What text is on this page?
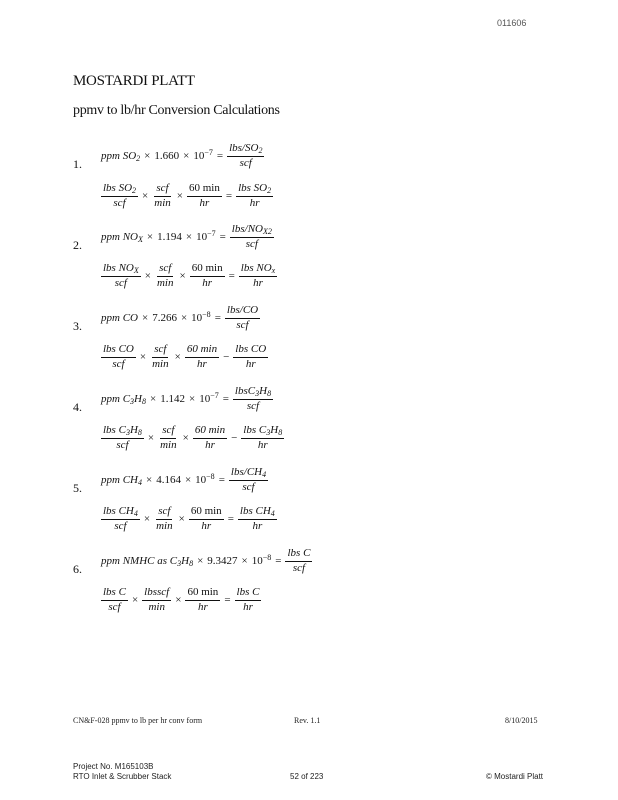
011606
MOSTARDI PLATT
ppmv to lb/hr Conversion Calculations
1.
ppm $SO_2 \times 1.660 \times 10^{-7} = \frac{lbs/SO_2}{\text{scf}}$
$\frac{lbs SO_2}{\text{scf}} \times \frac{\text{scf}}{\min} \times \frac{60 \min}{hr} = \frac{lbs SO_2}{hr}$
2.
ppm $NO_X \times 1.194 \times 10^{-7} = \frac{lbs/NO_{X2}}{\text{scf}}$
$\frac{lbs NO_X}{\text{scf}} \times \frac{\text{scf}}{\min} \times \frac{60 \min}{hr} = \frac{lbs NO_x}{hr}$
3.
ppm CO × $7.266 \times 10^{-8} = \frac{\text{lbs/CO}}{\text{scf}}$
$\frac{\text{lbs CO}}{\text{scf}} \times \frac{\text{scf}}{\min} \times \frac{60 \min}{hr} - \frac{\text{lbs CO}}{hr}$
4.
ppm $C_3H_8 \times 1.142 \times 10^{-7} = \frac{lbsC_3H_8}{\text{scf}}$
$\frac{lbs C_3H_8}{\text{scf}} \times \frac{\text{scf}}{\min} \times \frac{60 \min}{hr} - \frac{lbs C_3H_8}{hr}$
5.
ppm $CH_4 \times 4.164 \times 10^{-8} = \frac{lbs/CH_4}{\text{scf}}$
$\frac{lbs CH_4}{\text{scf}} \times \frac{\text{scf}}{\min} \times \frac{60 \min}{hr} = \frac{lbs CH_4}{hr}$
6.
ppm NMHC as $C_3H_8 \times 9.3427 \times 10^{-8} = \frac{\text{lbs C}}{\text{scf}}$
$\frac{\text{lbs C}}{\text{scf}} \times \frac{\text{lbsscf}}{\min} \times \frac{60 \min}{hr} = \frac{\text{lbs C}}{hr}$
CN&F-028 ppmv to lb per hr conv form	Rev. 1.1	8/10/2015
Project No. M165103B
RTO Inlet & Scrubber Stack	52 of 223	© Mostardi Platt
